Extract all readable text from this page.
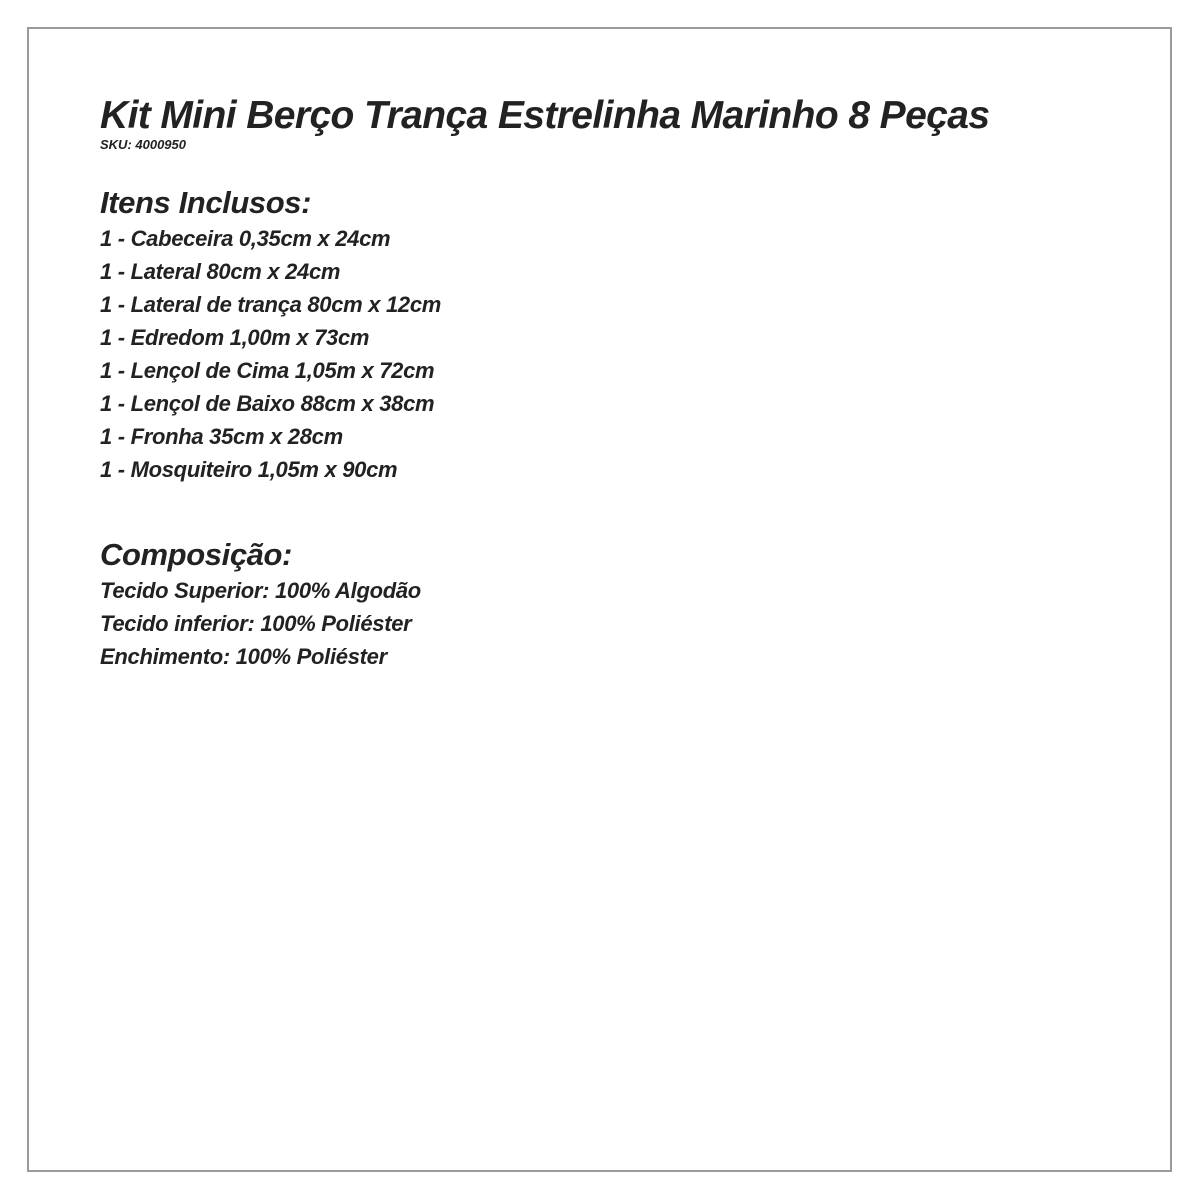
Kit Mini Berço Trança Estrelinha Marinho 8 Peças

SKU: 4000950

Itens Inclusos:
1 - Cabeceira 0,35cm x 24cm
1 - Lateral 80cm x 24cm
1 - Lateral de trança 80cm x 12cm
1 - Edredom 1,00m x 73cm
1 - Lençol de Cima 1,05m x 72cm
1 - Lençol de Baixo 88cm x 38cm
1 - Fronha 35cm x 28cm
1 - Mosquiteiro 1,05m x 90cm
Composição:
Tecido Superior: 100% Algodão
Tecido inferior: 100% Poliéster
Enchimento: 100% Poliéster
